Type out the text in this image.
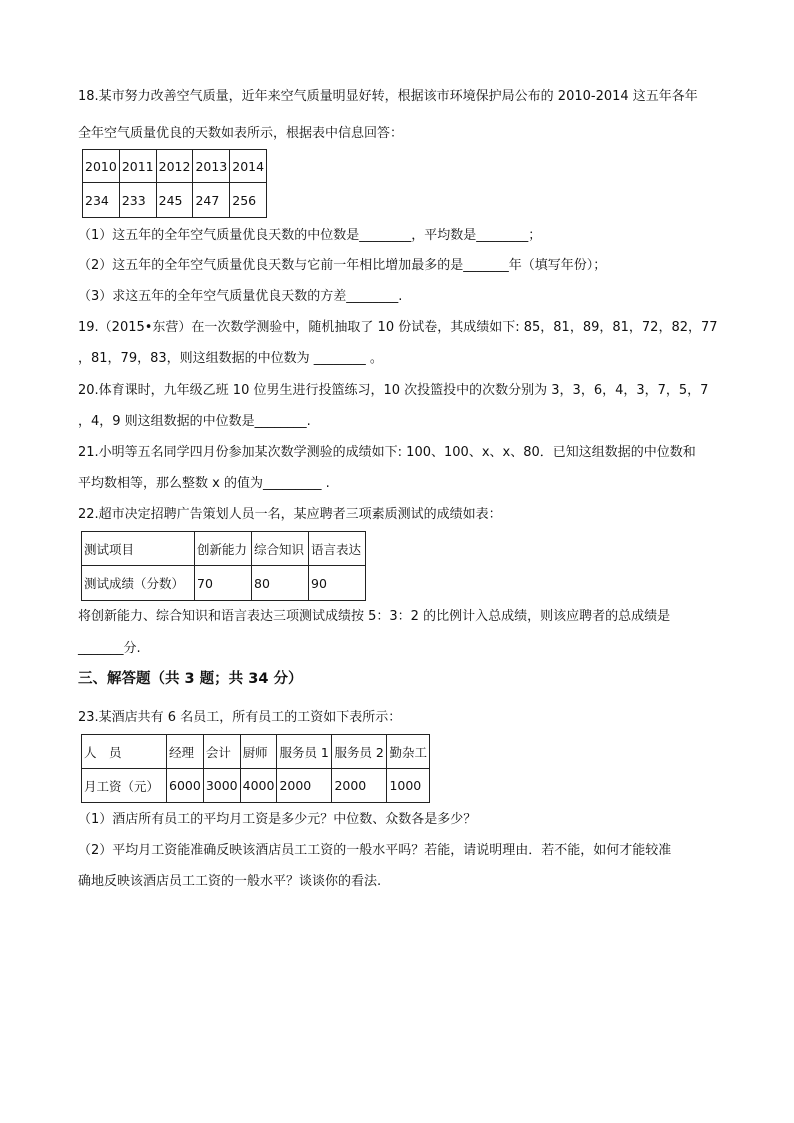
18.某市努力改善空气质量，近年来空气质量明显好转，根据该市环境保护局公布的 2010-2014 这五年各年
全年空气质量优良的天数如表所示，根据表中信息回答：
2010	2011	2012	2013	2014
234	233	245	247	256
（1）这五年的全年空气质量优良天数的中位数是________，平均数是________；
（2）这五年的全年空气质量优良天数与它前一年相比增加最多的是_______年（填写年份）；
（3）求这五年的全年空气质量优良天数的方差________.
19.（2015•东营）在一次数学测验中，随机抽取了 10 份试卷，其成绩如下: 85，81，89，81，72，82，77
，81，79，83，则这组数据的中位数为 ________ 。
20.体育课时，九年级乙班 10 位男生进行投篮练习，10 次投篮投中的次数分别为 3，3，6，4，3，7，5，7
，4，9 则这组数据的中位数是________.
21.小明等五名同学四月份参加某次数学测验的成绩如下: 100、100、x、x、80．已知这组数据的中位数和
平均数相等，那么整数 x 的值为_________ .
22.超市决定招聘广告策划人员一名，某应聘者三项素质测试的成绩如表：
测试项目	创新能力	综合知识	语言表达
测试成绩（分数）	70	80	90
将创新能力、综合知识和语言表达三项测试成绩按 5：3：2 的比例计入总成绩，则该应聘者的总成绩是
_______分.
三、解答题（共 3 题；共 34 分）
23.某酒店共有 6 名员工，所有员工的工资如下表所示：
人　员	经理	会计	厨师	服务员 1	服务员 2	勤杂工
月工资（元）	6000	3000	4000	2000	2000	1000
（1）酒店所有员工的平均月工资是多少元？中位数、众数各是多少？
（2）平均月工资能准确反映该酒店员工工资的一般水平吗？若能，请说明理由．若不能，如何才能较准
确地反映该酒店员工工资的一般水平？谈谈你的看法.
